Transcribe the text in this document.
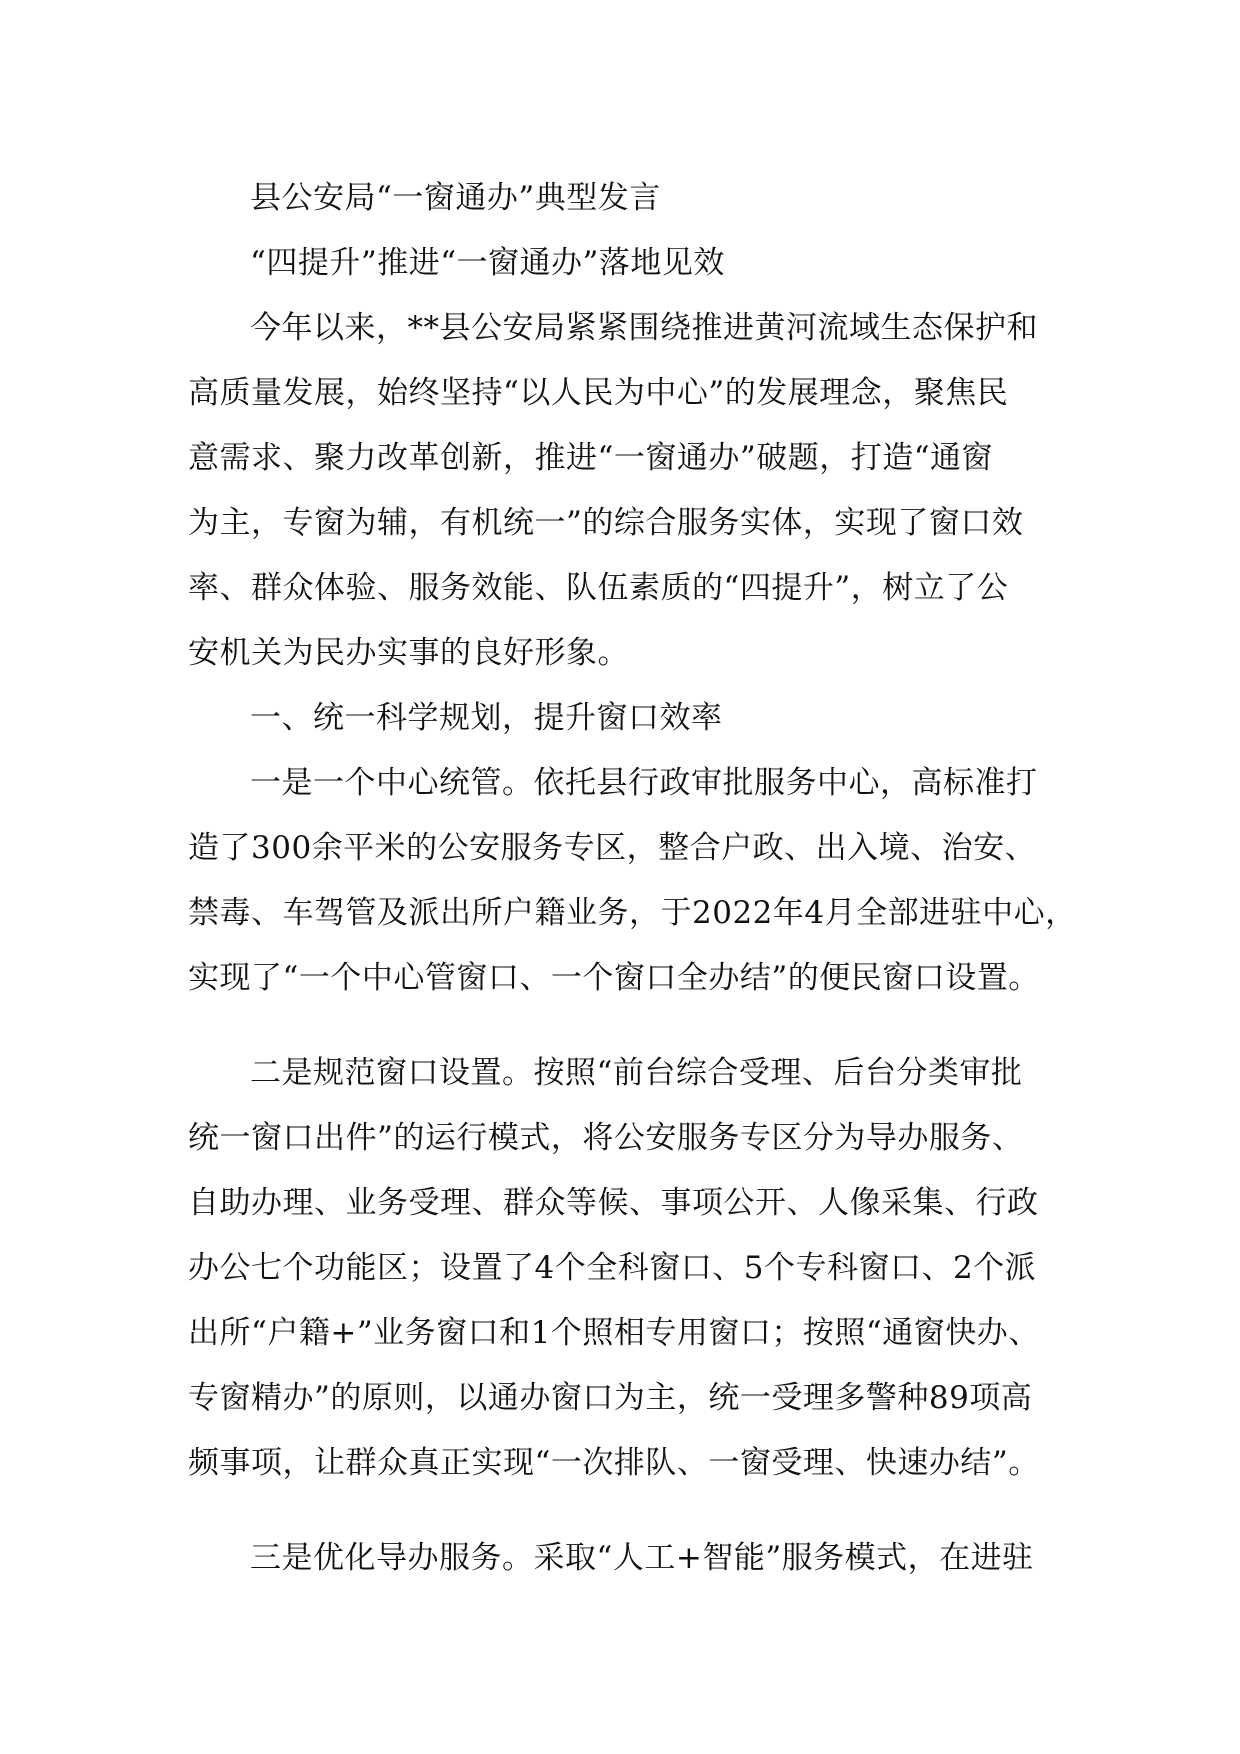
县公安局“一窗通办”典型发言
“四提升”推进“一窗通办”落地见效
今年以来，**县公安局紧紧围绕推进黄河流域生态保护和
高质量发展，始终坚持“以人民为中心”的发展理念，聚焦民
意需求、聚力改革创新，推进“一窗通办”破题，打造“通窗
为主，专窗为辅，有机统一”的综合服务实体，实现了窗口效
率、群众体验、服务效能、队伍素质的“四提升”，树立了公
安机关为民办实事的良好形象。
一、统一科学规划，提升窗口效率
一是一个中心统管。依托县行政审批服务中心，高标准打
造了300余平米的公安服务专区，整合户政、出入境、治安、
禁毒、车驾管及派出所户籍业务，于2022年4月全部进驻中心，
实现了“一个中心管窗口、一个窗口全办结”的便民窗口设置。
二是规范窗口设置。按照“前台综合受理、后台分类审批
统一窗口出件”的运行模式，将公安服务专区分为导办服务、
自助办理、业务受理、群众等候、事项公开、人像采集、行政
办公七个功能区；设置了4个全科窗口、5个专科窗口、2个派
出所“户籍+”业务窗口和1个照相专用窗口；按照“通窗快办、
专窗精办”的原则，以通办窗口为主，统一受理多警种89项高
频事项，让群众真正实现“一次排队、一窗受理、快速办结”。
三是优化导办服务。采取“人工+智能”服务模式，在进驻
